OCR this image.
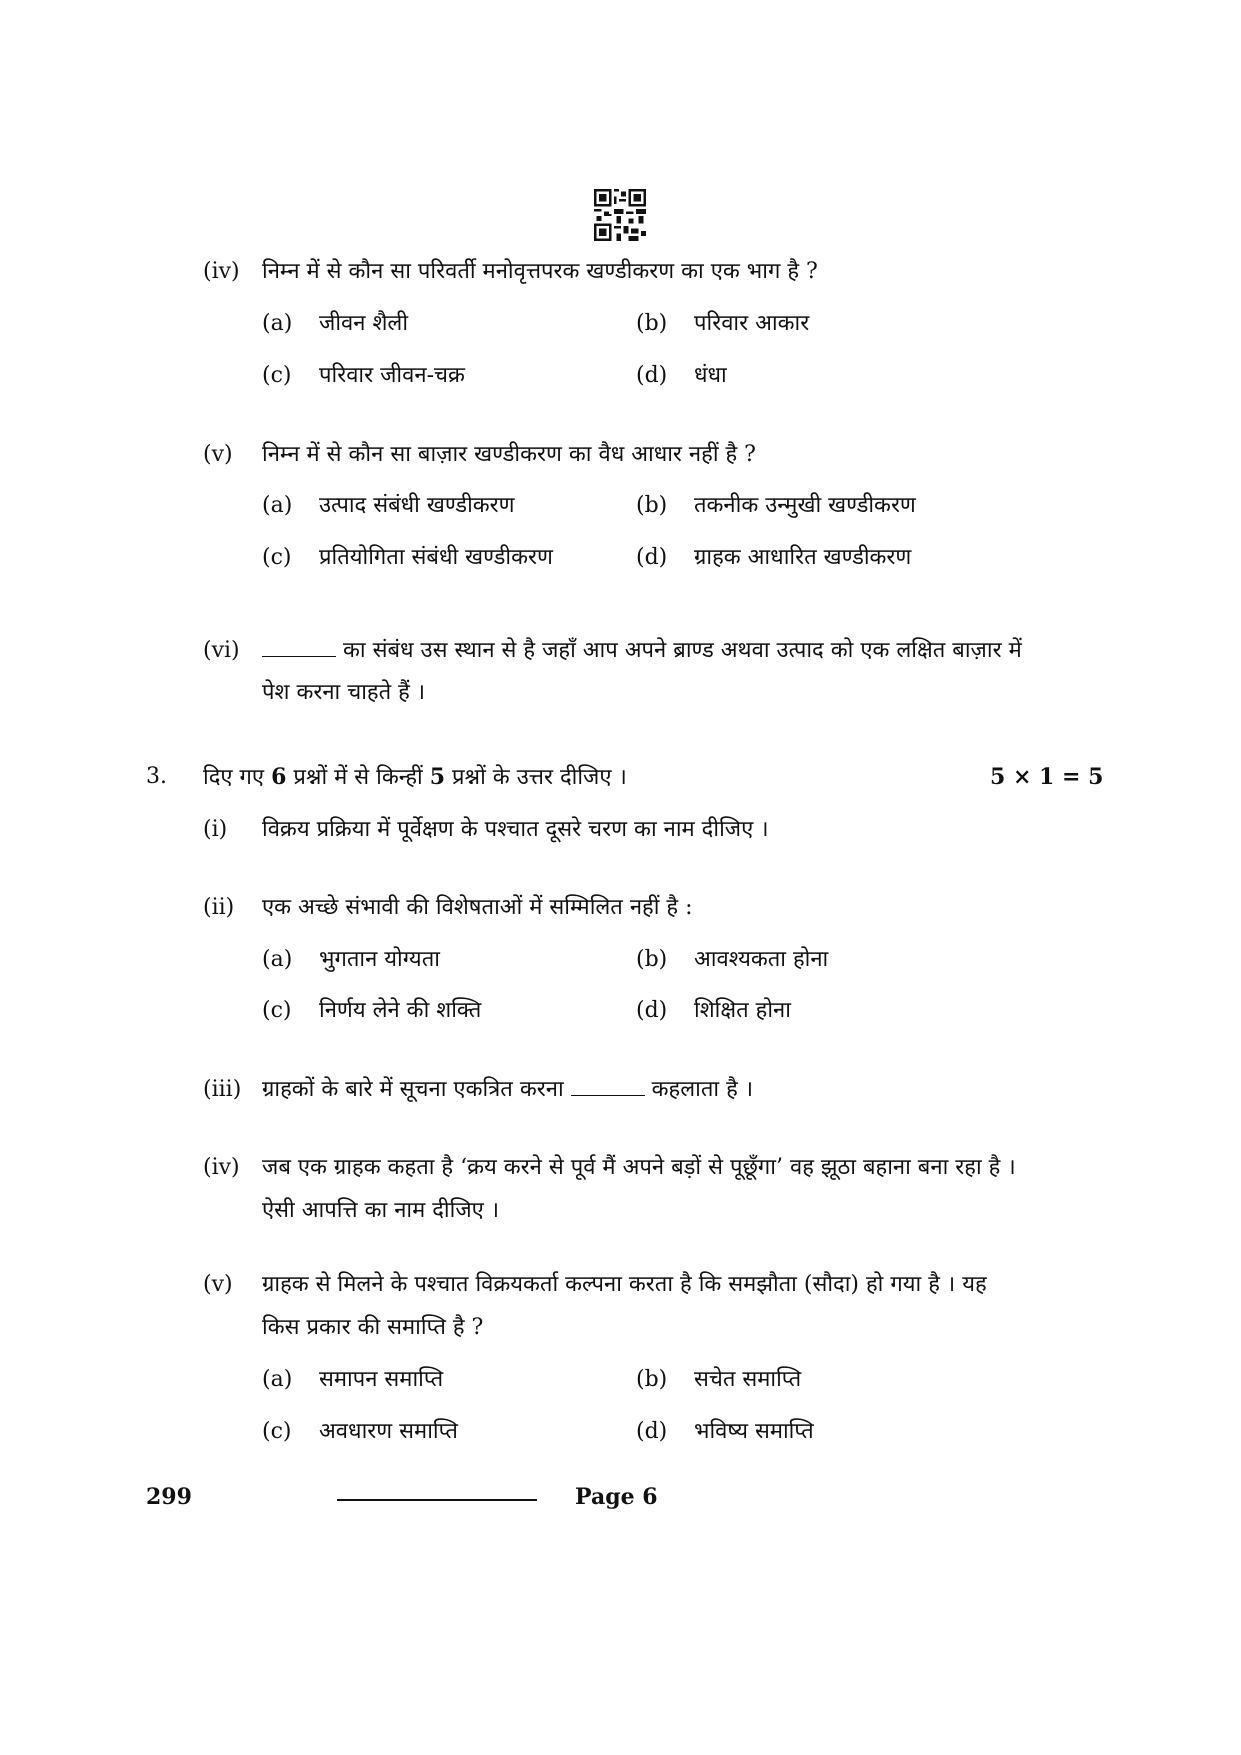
(iv) निम्न में से कौन सा परिवर्ती मनोवृत्तपरक खण्डीकरण का एक भाग है ?
(a) जीवन शैली	(b) परिवार आकार
(c) परिवार जीवन-चक्र	(d) धंधा
(v) निम्न में से कौन सा बाज़ार खण्डीकरण का वैध आधार नहीं है ?
(a) उत्पाद संबंधी खण्डीकरण	(b) तकनीक उन्मुखी खण्डीकरण
(c) प्रतियोगिता संबंधी खण्डीकरण	(d) ग्राहक आधारित खण्डीकरण
(vi)	का संबंध उस स्थान से है जहाँ आप अपने ब्राण्ड अथवा उत्पाद को एक लक्षित बाज़ार में
पेश करना चाहते हैं ।
3. दिए गए 6 प्रश्नों में से किन्हीं 5 प्रश्नों के उत्तर दीजिए ।	5 × 1 = 5
(i) विक्रय प्रक्रिया में पूर्वेक्षण के पश्चात दूसरे चरण का नाम दीजिए ।
(ii) एक अच्छे संभावी की विशेषताओं में सम्मिलित नहीं है :
(a) भुगतान योग्यता	(b) आवश्यकता होना
(c) निर्णय लेने की शक्ति	(d) शिक्षित होना
(iii) ग्राहकों के बारे में सूचना एकत्रित करना	कहलाता है ।
(iv) जब एक ग्राहक कहता है ‘क्रय करने से पूर्व मैं अपने बड़ों से पूछूँगा’ वह झूठा बहाना बना रहा है ।
ऐसी आपत्ति का नाम दीजिए ।
(v) ग्राहक से मिलने के पश्चात विक्रयकर्ता कल्पना करता है कि समझौता (सौदा) हो गया है । यह
किस प्रकार की समाप्ति है ?
(a) समापन समाप्ति	(b) सचेत समाप्ति
(c) अवधारण समाप्ति	(d) भविष्य समाप्ति
299	Page 6
